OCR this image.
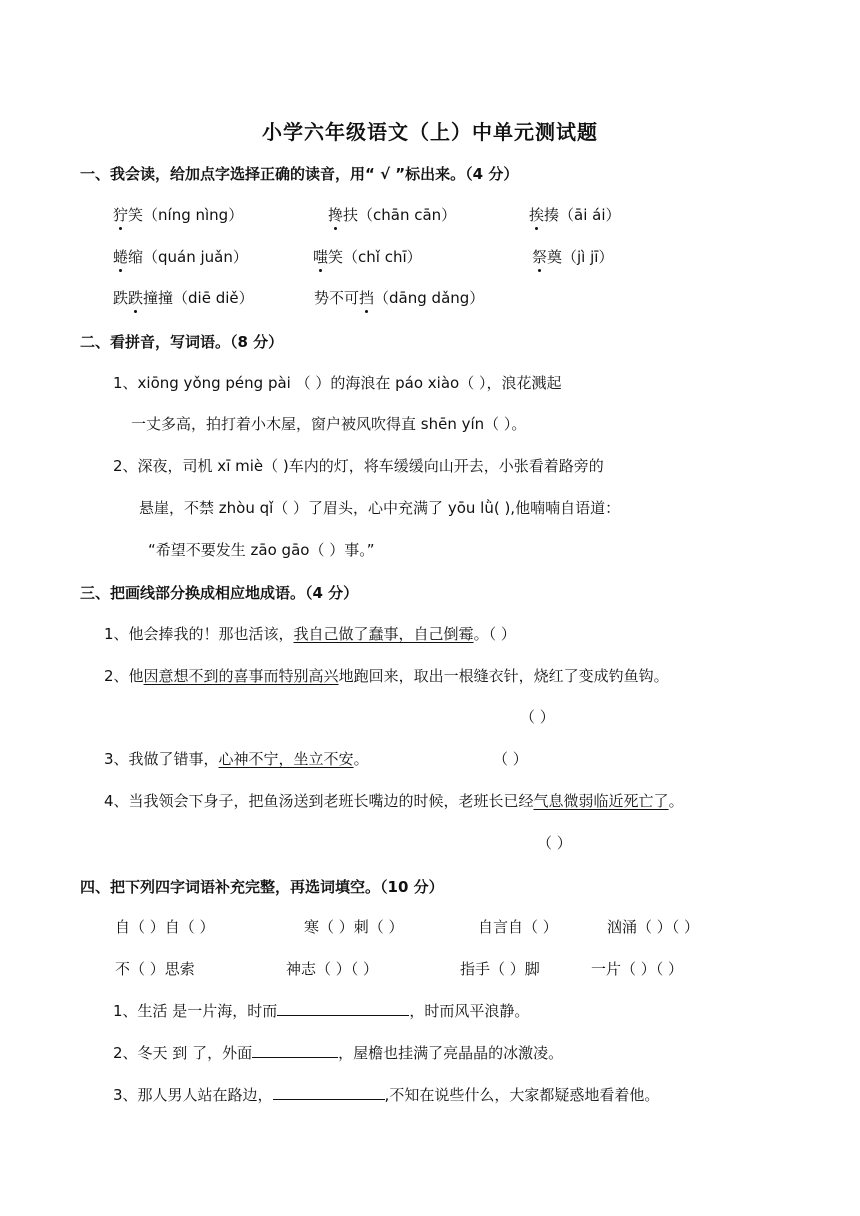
小学六年级语文（上）中单元测试题
一、我会读，给加点字选择正确的读音，用“ √ ”标出来。（4 分）
狞笑（níng nìng）	搀扶（chān cān）	挨揍（āi ái）
蜷缩（quán juǎn）	嗤笑（chǐ chī）	祭奠（jì jī）
跌跌撞撞（diē diě）	势不可挡（dāng dǎng）
二、看拼音，写词语。（8 分）
1、xiōng yǒng péng pài （ ）的海浪在 páo xiào（ ），浪花溅起
一丈多高，拍打着小木屋，窗户被风吹得直 shēn yín（ ）。
2、深夜，司机 xī miè（ )车内的灯，将车缓缓向山开去，小张看着路旁的
悬崖，不禁 zhòu qǐ（ ）了眉头，心中充满了 yōu lǜ( ),他喃喃自语道：
“希望不要发生 zāo gāo（ ）事。”
三、把画线部分换成相应地成语。（4 分）
1、他会捧我的！那也活该，我自己做了蠢事，自己倒霉。（ ）
2、他因意想不到的喜事而特别高兴地跑回来，取出一根缝衣针，烧红了变成钓鱼钩。
（ ）
3、我做了错事，心神不宁，坐立不安。	（ ）
4、当我领会下身子，把鱼汤送到老班长嘴边的时候，老班长已经气息微弱临近死亡了。
（ ）
四、把下列四字词语补充完整，再选词填空。（10 分）
自（ ）自（ ）	寒（ ）刺（ ）	自言自（ ）	汹涌（ ）（ ）
不（ ）思索	神志（ ）（ ）	指手（ ）脚	一片（ ）（ ）
1、生活 是一片海，时而	，时而风平浪静。
2、冬天 到 了，外面	，屋檐也挂满了亮晶晶的冰激凌。
3、那人男人站在路边，	,不知在说些什么，大家都疑惑地看着他。
